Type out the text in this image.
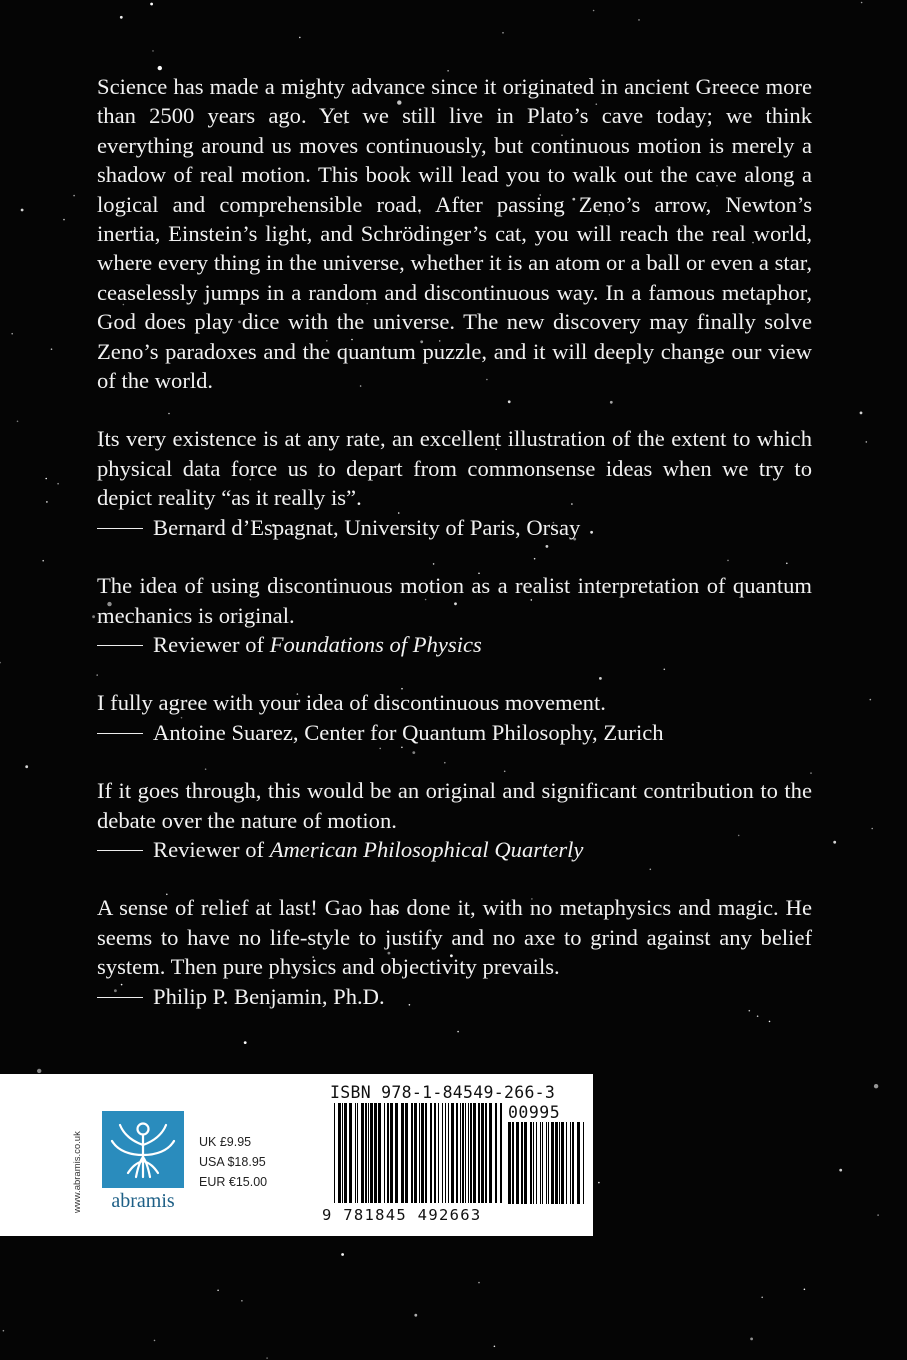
Science has made a mighty advance since it originated in ancient Greece more than 2500 years ago. Yet we still live in Plato’s cave today; we think everything around us moves continuously, but continuous motion is merely a shadow of real motion. This book will lead you to walk out the cave along a logical and comprehensible road. After passing Zeno’s arrow, Newton’s inertia, Einstein’s light, and Schrödinger’s cat, you will reach the real world, where every thing in the universe, whether it is an atom or a ball or even a star, ceaselessly jumps in a random and discontinuous way. In a famous metaphor, God does play dice with the universe. The new discovery may finally solve Zeno’s paradoxes and the quantum puzzle, and it will deeply change our view of the world.

Its very existence is at any rate, an excellent illustration of the extent to which physical data force us to depart from commonsense ideas when we try to depict reality “as it really is”.

Bernard d’Espagnat, University of Paris, Orsay

The idea of using discontinuous motion as a realist interpretation of quantum mechanics is original.

Reviewer of Foundations of Physics

I fully agree with your idea of discontinuous movement.

Antoine Suarez, Center for Quantum Philosophy, Zurich

If it goes through, this would be an original and significant contribution to the debate over the nature of motion.

Reviewer of American Philosophical Quarterly

A sense of relief at last! Gao has done it, with no metaphysics and magic. He seems to have no life-style to justify and no axe to grind against any belief system. Then pure physics and objectivity prevails.

Philip P. Benjamin, Ph.D.
www.abramis.co.uk	abramis
UK £9.95
USA $18.95
EUR €15.00
ISBN 978-1-84549-266-3
00995
9 781845 492663
